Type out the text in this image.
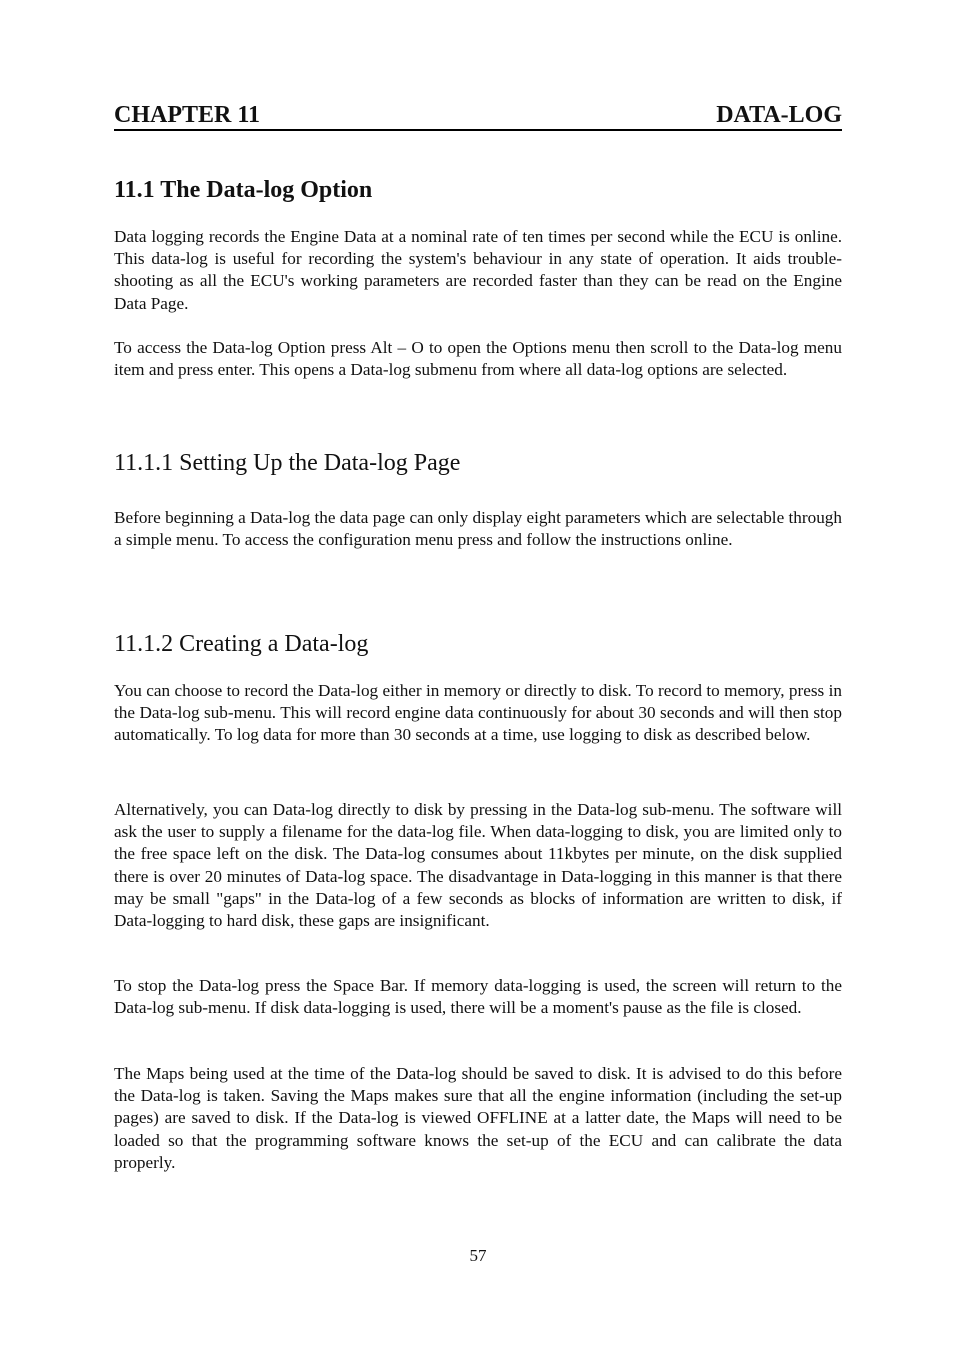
CHAPTER 11	DATA-LOG
11.1 The Data-log Option

Data logging records the Engine Data at a nominal rate of ten times per second while the ECU is online. This data-log is useful for recording the system's behaviour in any state of operation. It aids trouble-shooting as all the ECU's working parameters are recorded faster than they can be read on the Engine Data Page.

To access the Data-log Option press Alt – O to open the Options menu then scroll to the Data-log menu item and press enter. This opens a Data-log submenu from where all data-log options are selected.

11.1.1 Setting Up the Data-log Page

Before beginning a Data-log the data page can only display eight parameters which are selectable through a simple menu. To access the configuration menu press and follow the instructions online.

11.1.2 Creating a Data-log

You can choose to record the Data-log either in memory or directly to disk. To record to memory, press in the Data-log sub-menu. This will record engine data continuously for about 30 seconds and will then stop automatically. To log data for more than 30 seconds at a time, use logging to disk as described below.

Alternatively, you can Data-log directly to disk by pressing in the Data-log sub-menu. The software will ask the user to supply a filename for the data-log file. When data-logging to disk, you are limited only to the free space left on the disk. The Data-log consumes about 11kbytes per minute, on the disk supplied there is over 20 minutes of Data-log space. The disadvantage in Data-logging in this manner is that there may be small "gaps" in the Data-log of a few seconds as blocks of information are written to disk, if Data-logging to hard disk, these gaps are insignificant.

To stop the Data-log press the Space Bar. If memory data-logging is used, the screen will return to the Data-log sub-menu. If disk data-logging is used, there will be a moment's pause as the file is closed.

The Maps being used at the time of the Data-log should be saved to disk. It is advised to do this before the Data-log is taken. Saving the Maps makes sure that all the engine information (including the set-up pages) are saved to disk. If the Data-log is viewed OFFLINE at a latter date, the Maps will need to be loaded so that the programming software knows the set-up of the ECU and can calibrate the data properly.

57
